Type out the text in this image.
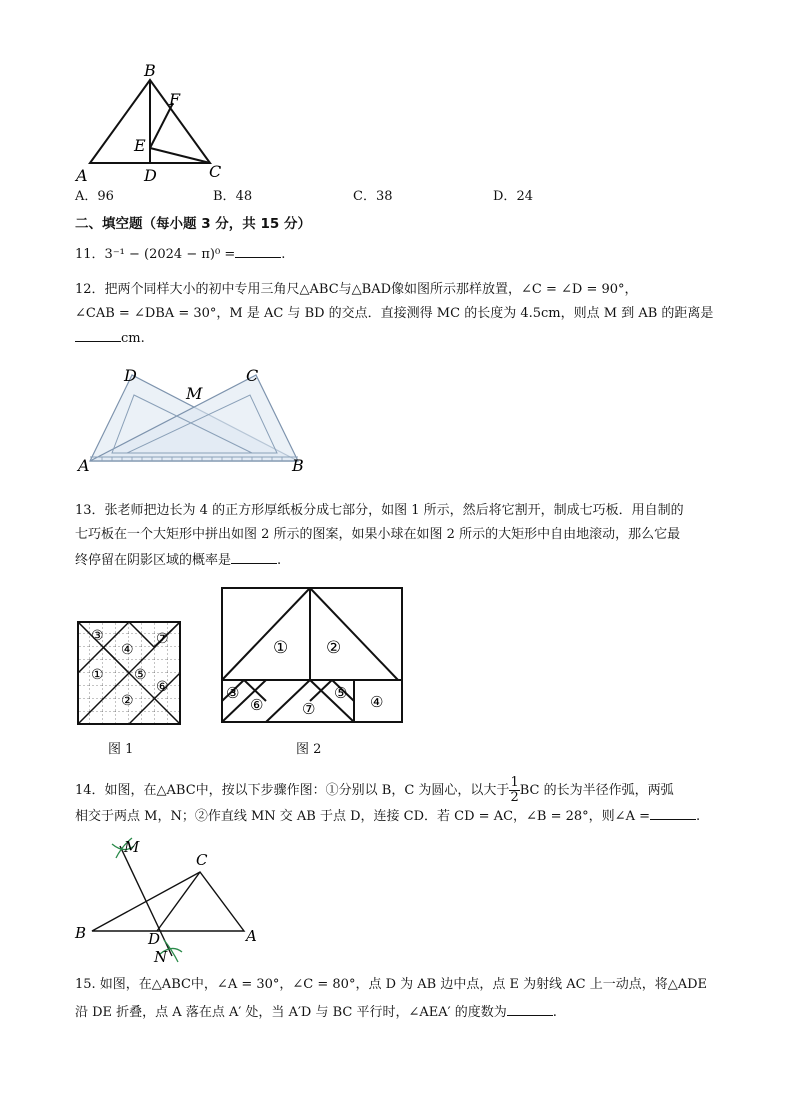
B
F
E
A	D	C
A．96	B．48	C．38	D．24
二、填空题（每小题 3 分，共 15 分）
11．3⁻¹ − (2024 − π)⁰ =	.
12．把两个同样大小的初中专用三角尺△ABC与△BAD像如图所示那样放置，∠C = ∠D = 90°，
∠CAB = ∠DBA = 30°，M 是 AC 与 BD 的交点．直接测得 MC 的长度为 4.5cm，则点 M 到 AB 的距离是
cm.
D
M
C
A	B
13．张老师把边长为 4 的正方形厚纸板分成七部分，如图 1 所示，然后将它割开，制成七巧板．用自制的
七巧板在一个大矩形中拼出如图 2 所示的图案，如果小球在如图 2 所示的大矩形中自由地滚动，那么它最
终停留在阴影区域的概率是	.
③
④
⑦
① ⑤
⑥
②
图 1
① ②
③
⑥	⑦
⑤ ④
图 2
14．如图，在△ABC中，按以下步骤作图：①分别以 B，C 为圆心，以大于 $\frac{1}{2}$ BC 的长为半径作弧，两弧
相交于两点 M，N；②作直线 MN 交 AB 于点 D，连接 CD．若 CD = AC，∠B = 28°，则∠A =	.
M
C
B	D	A
N
15. 如图，在△ABC中，∠A = 30°，∠C = 80°，点 D 为 AB 边中点，点 E 为射线 AC 上一动点，将△ADE
沿 DE 折叠，点 A 落在点 A′ 处，当 A′D 与 BC 平行时，∠AEA′ 的度数为	.
